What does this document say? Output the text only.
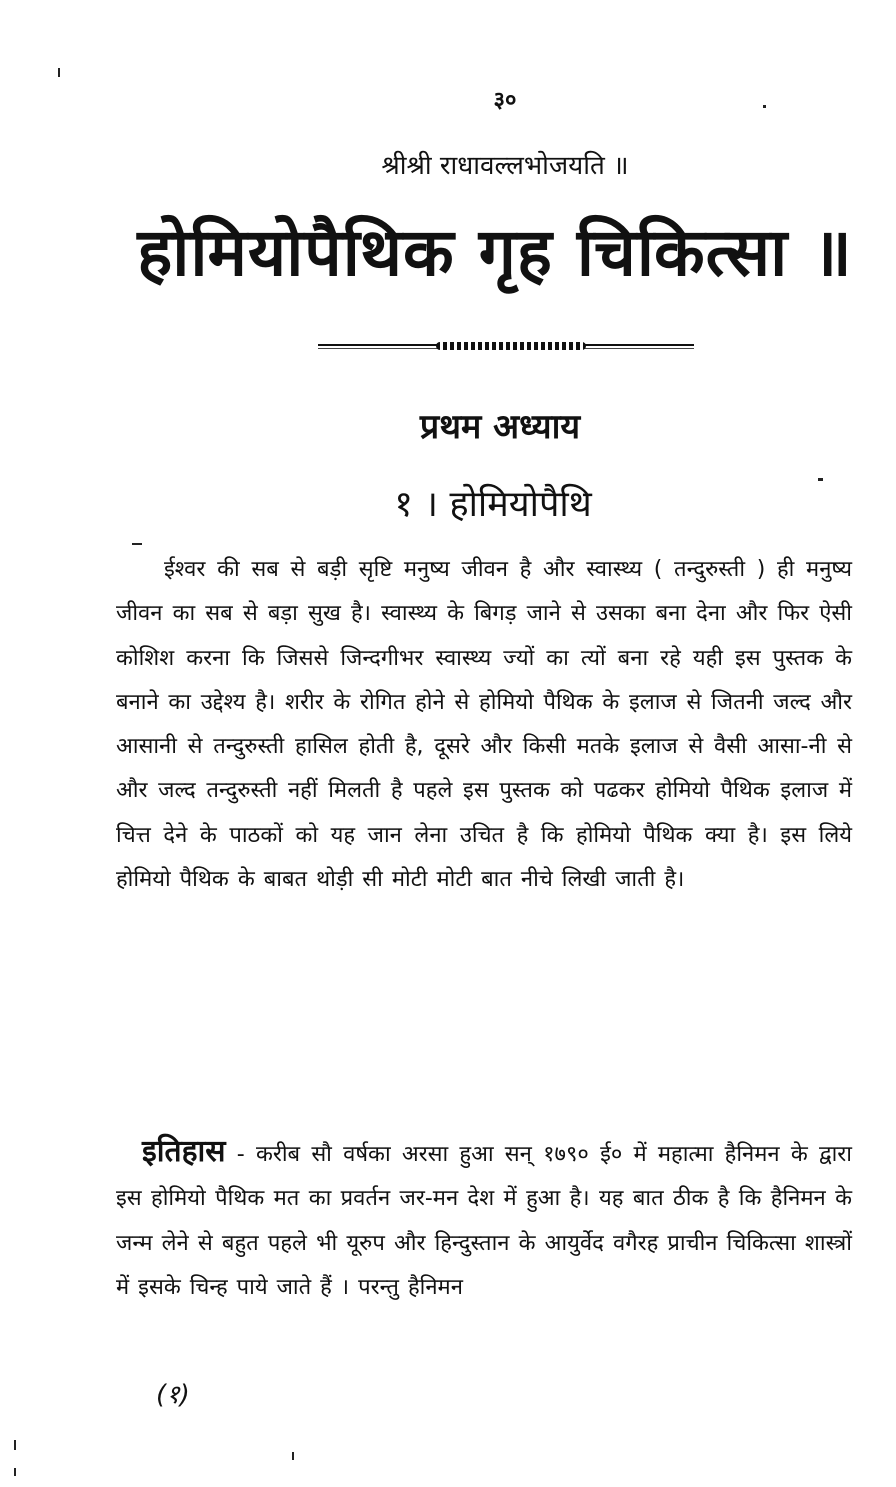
३०
श्रीश्री राधावल्लभोजयति ॥
होमियोपैथिक गृह चिकित्सा ॥
प्रथम अध्याय
१ । होमियोपैथि
ईश्वर की सब से बड़ी सृष्टि मनुष्य जीवन है और स्वास्थ्य ( तन्दुरुस्ती ) ही मनुष्य जीवन का सब से बड़ा सुख है। स्वास्थ्य के बिगड़ जाने से उसका बना देना और फिर ऐसी कोशिश करना कि जिससे जिन्दगीभर स्वास्थ्य ज्यों का त्यों बना रहे यही इस पुस्तक के बनाने का उद्देश्य है। शरीर के रोगित होने से होमियो पैथिक के इलाज से जितनी जल्द और आसानी से तन्दुरुस्ती हासिल होती है, दूसरे और किसी मतके इलाज से वैसी आसा-नी से और जल्द तन्दुरुस्ती नहीं मिलती है पहले इस पुस्तक को पढकर होमियो पैथिक इलाज में चित्त देने के पाठकों को यह जान लेना उचित है कि होमियो पैथिक क्या है। इस लिये होमियो पैथिक के बाबत थोड़ी सी मोटी मोटी बात नीचे लिखी जाती है।
इतिहास - करीब सौ वर्षका अरसा हुआ सन् १७९० ई० में महात्मा हैनिमन के द्वारा इस होमियो पैथिक मत का प्रवर्तन जर-मन देश में हुआ है। यह बात ठीक है कि हैनिमन के जन्म लेने से बहुत पहले भी यूरुप और हिन्दुस्तान के आयुर्वेद वगैरह प्राचीन चिकित्सा शास्त्रों में इसके चिन्ह पाये जाते हैं । परन्तु हैनिमन
(१)
